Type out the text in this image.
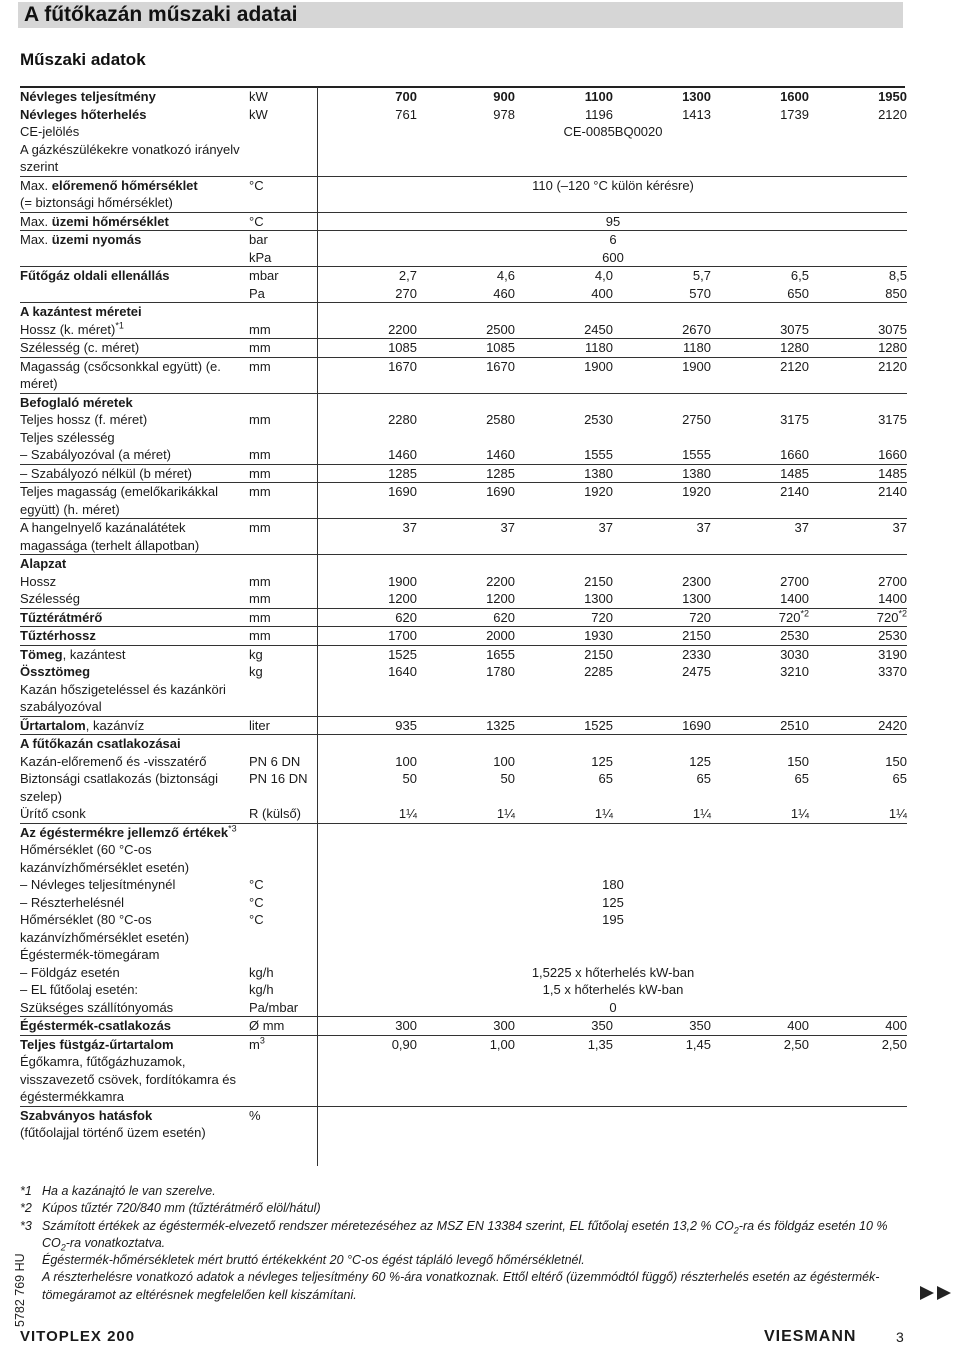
A fűtőkazán műszaki adatai
Műszaki adatok
Névleges teljesítmény	kW	700	900	1100	1300	1600	1950
Névleges hőterhelés	kW	761	978	1196	1413	1739	2120
CE-jelölés
A gázkészülékekre vonatkozó irányelv szerint		CE-0085BQ0020					
Max. előremenő hőmérséklet
(= biztonsági hőmérséklet)	°C	110 (–120 °C külön kérésre)					
Max. üzemi hőmérséklet	°C	95					
Max. üzemi nyomás	bar	6					
	kPa	600					
Fűtőgáz oldali ellenállás	mbar	2,7	4,6	4,0	5,7	6,5	8,5
	Pa	270	460	400	570	650	850
A kazántest méretei							
Hossz (k. méret)$^{*1}$	mm	2200	2500	2450	2670	3075	3075
Szélesség (c. méret)	mm	1085	1085	1180	1180	1280	1280
Magasság (csőcsonkkal együtt) (e. méret)	mm	1670	1670	1900	1900	2120	2120
Befoglaló méretek							
Teljes hossz (f. méret)	mm	2280	2580	2530	2750	3175	3175
Teljes szélesség							
– Szabályozóval (a méret)	mm	1460	1460	1555	1555	1660	1660
– Szabályozó nélkül (b méret)	mm	1285	1285	1380	1380	1485	1485
Teljes magasság (emelőkarikákkal együtt) (h. méret)	mm	1690	1690	1920	1920	2140	2140
A hangelnyelő kazánalátétek magassága (terhelt állapotban)	mm	37	37	37	37	37	37
Alapzat							
Hossz	mm	1900	2200	2150	2300	2700	2700
Szélesség	mm	1200	1200	1300	1300	1400	1400
Tűztérátmérő	mm	620	620	720	720	720$^{*2}$	720$^{*2}$
Tűztérhossz	mm	1700	2000	1930	2150	2530	2530
Tömeg, kazántest	kg	1525	1655	2150	2330	3030	3190
Össztömeg	kg	1640	1780	2285	2475	3210	3370
Kazán hőszigeteléssel és kazánköri szabályozóval							
Űrtartalom, kazánvíz	liter	935	1325	1525	1690	2510	2420
A fűtőkazán csatlakozásai							
Kazán-előremenő és -visszatérő	PN 6 DN	100	100	125	125	150	150
Biztonsági csatlakozás (biztonsági szelep)	PN 16 DN	50	50	65	65	65	65
Ürítő csonk	R (külső)	1¼	1¼	1¼	1¼	1¼	1¼
Az égéstermékre jellemző értékek$^{*3}$							
Hőmérséklet (60 °C-os kazánvízhőmérséklet esetén)							
– Névleges teljesítménynél	°C	180					
– Részterhelésnél	°C	125					
Hőmérséklet (80 °C-os kazánvízhőmérséklet esetén)	°C	195					
Égéstermék-tömegáram							
– Földgáz esetén	kg/h	1,5225 x hőterhelés kW-ban					
– EL fűtőolaj esetén:	kg/h	1,5 x hőterhelés kW-ban					
Szükséges szállítónyomás	Pa/mbar	0					
Égéstermék-csatlakozás	Ø mm	300	300	350	350	400	400
Teljes füstgáz-űrtartalom	$m^3$	0,90	1,00	1,35	1,45	2,50	2,50
Égőkamra, fűtőgázhuzamok, visszavezető csövek, fordítókamra és égéstermékkamra							
Szabványos hatásfok
(fűtőolajjal történő üzem esetén)	%						
*1 Ha a kazánajtó le van szerelve.
*2 Kúpos tűztér 720/840 mm (tűztérátmérő elöl/hátul)
*3 Számított értékek az égéstermék-elvezető rendszer méretezéséhez az MSZ EN 13384 szerint, EL fűtőolaj esetén 13,2 % $CO_2-ra$ és földgáz esetén 10 % $CO_2-ra$ vonatkoztatva.
Égéstermék-hőmérsékletek mért bruttó értékekként 20 °C-os égést tápláló levegő hőmérsékletnél.
A részterhelésre vonatkozó adatok a névleges teljesítmény 60 %-ára vonatkoznak. Ettől eltérő (üzemmódtól függő) részterhelés esetén az égéstermék-tömegáramot az eltérésnek megfelelően kell kiszámítani.
5782 769 HU
VITOPLEX 200	VIESMANN	3
